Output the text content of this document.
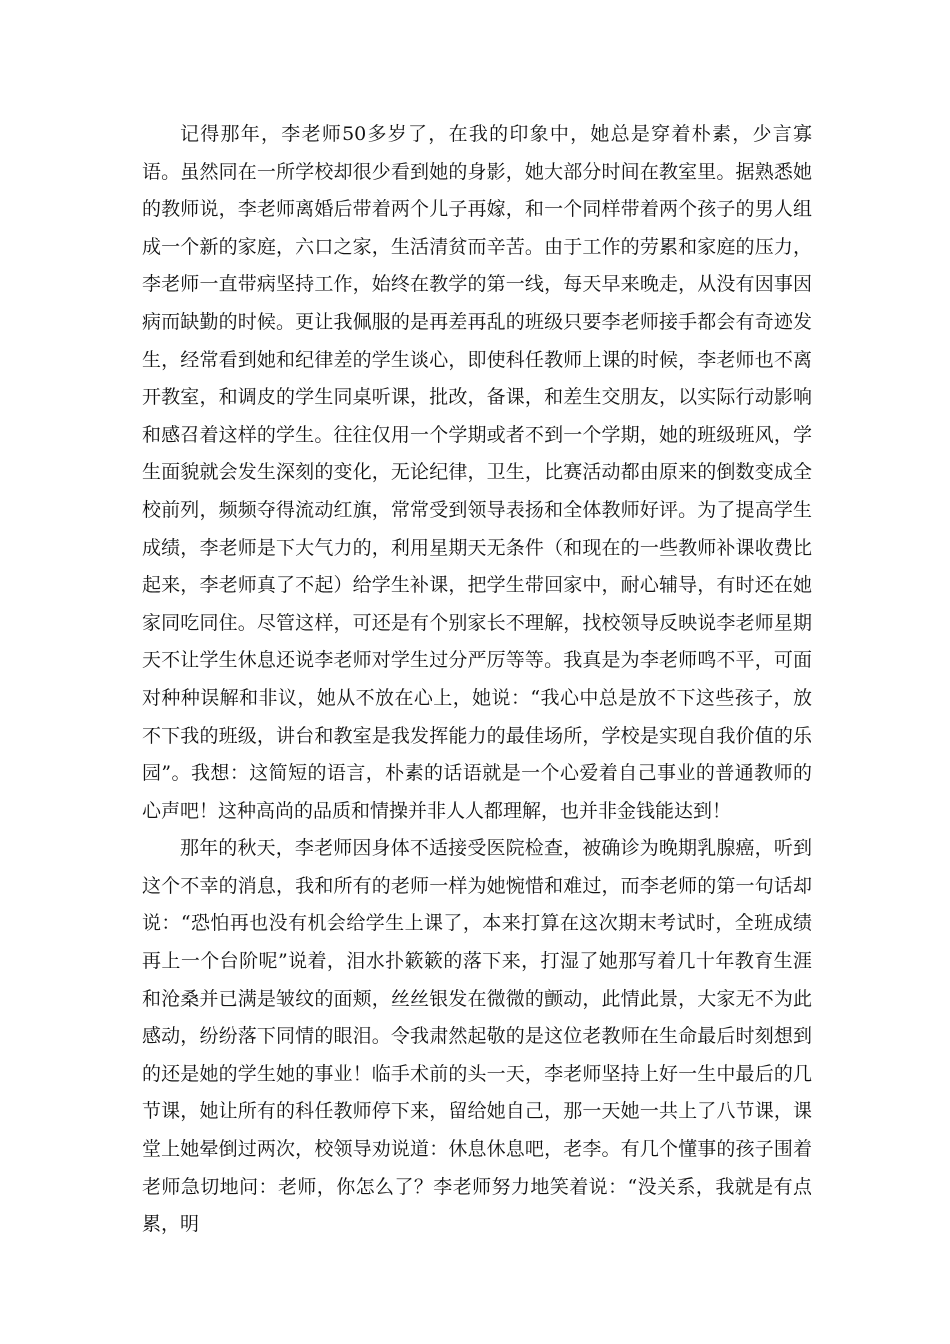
记得那年，李老师50多岁了，在我的印象中，她总是穿着朴素，少言寡语。虽然同在一所学校却很少看到她的身影，她大部分时间在教室里。据熟悉她的教师说，李老师离婚后带着两个儿子再嫁，和一个同样带着两个孩子的男人组成一个新的家庭，六口之家，生活清贫而辛苦。由于工作的劳累和家庭的压力，李老师一直带病坚持工作，始终在教学的第一线，每天早来晚走，从没有因事因病而缺勤的时候。更让我佩服的是再差再乱的班级只要李老师接手都会有奇迹发生，经常看到她和纪律差的学生谈心，即使科任教师上课的时候，李老师也不离开教室，和调皮的学生同桌听课，批改，备课，和差生交朋友，以实际行动影响和感召着这样的学生。往往仅用一个学期或者不到一个学期，她的班级班风，学生面貌就会发生深刻的变化，无论纪律，卫生，比赛活动都由原来的倒数变成全校前列，频频夺得流动红旗，常常受到领导表扬和全体教师好评。为了提高学生成绩，李老师是下大气力的，利用星期天无条件（和现在的一些教师补课收费比起来，李老师真了不起）给学生补课，把学生带回家中，耐心辅导，有时还在她家同吃同住。尽管这样，可还是有个别家长不理解，找校领导反映说李老师星期天不让学生休息还说李老师对学生过分严厉等等。我真是为李老师鸣不平，可面对种种误解和非议，她从不放在心上，她说：“我心中总是放不下这些孩子，放不下我的班级，讲台和教室是我发挥能力的最佳场所，学校是实现自我价值的乐园”。我想：这简短的语言，朴素的话语就是一个心爱着自己事业的普通教师的心声吧！这种高尚的品质和情操并非人人都理解，也并非金钱能达到！

那年的秋天，李老师因身体不适接受医院检查，被确诊为晚期乳腺癌，听到这个不幸的消息，我和所有的老师一样为她惋惜和难过，而李老师的第一句话却说：“恐怕再也没有机会给学生上课了，本来打算在这次期末考试时，全班成绩再上一个台阶呢”说着，泪水扑簌簌的落下来，打湿了她那写着几十年教育生涯和沧桑并已满是皱纹的面颊，丝丝银发在微微的颤动，此情此景，大家无不为此感动，纷纷落下同情的眼泪。令我肃然起敬的是这位老教师在生命最后时刻想到的还是她的学生她的事业！临手术前的头一天，李老师坚持上好一生中最后的几节课，她让所有的科任教师停下来，留给她自己，那一天她一共上了八节课，课堂上她晕倒过两次，校领导劝说道：休息休息吧，老李。有几个懂事的孩子围着老师急切地问：老师，你怎么了？李老师努力地笑着说：“没关系，我就是有点累，明
